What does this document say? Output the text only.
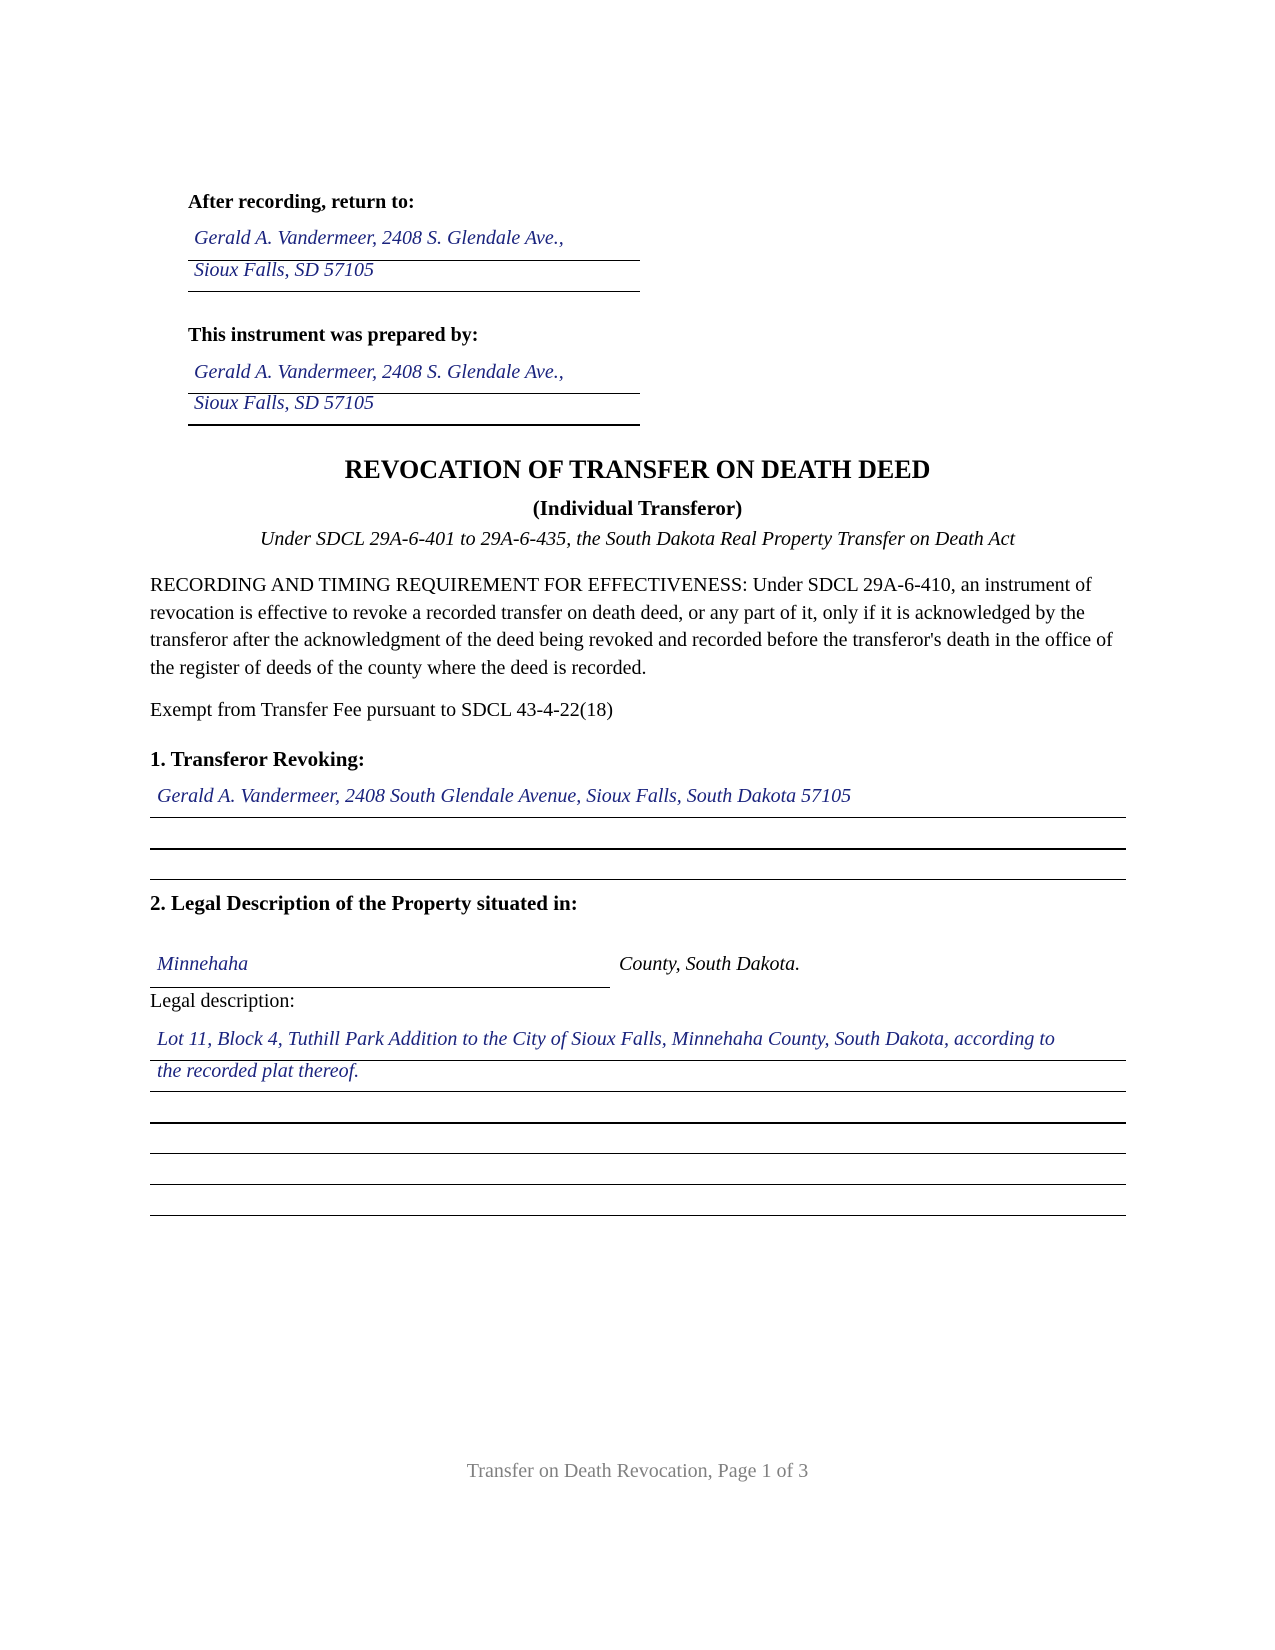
After recording, return to:
Gerald A. Vandermeer, 2408 S. Glendale Ave.,
Sioux Falls, SD 57105
This instrument was prepared by:
Gerald A. Vandermeer, 2408 S. Glendale Ave.,
Sioux Falls, SD 57105
REVOCATION OF TRANSFER ON DEATH DEED
(Individual Transferor)
Under SDCL 29A-6-401 to 29A-6-435, the South Dakota Real Property Transfer on Death Act
RECORDING AND TIMING REQUIREMENT FOR EFFECTIVENESS: Under SDCL 29A-6-410, an instrument of revocation is effective to revoke a recorded transfer on death deed, or any part of it, only if it is acknowledged by the transferor after the acknowledgment of the deed being revoked and recorded before the transferor's death in the office of the register of deeds of the county where the deed is recorded.
Exempt from Transfer Fee pursuant to SDCL 43-4-22(18)
1. Transferor Revoking:
Gerald A. Vandermeer, 2408 South Glendale Avenue, Sioux Falls, South Dakota 57105
2. Legal Description of the Property situated in:
Minnehaha	County, South Dakota.
Legal description:
Lot 11, Block 4, Tuthill Park Addition to the City of Sioux Falls, Minnehaha County, South Dakota, according to
the recorded plat thereof.
Transfer on Death Revocation, Page 1 of 3
